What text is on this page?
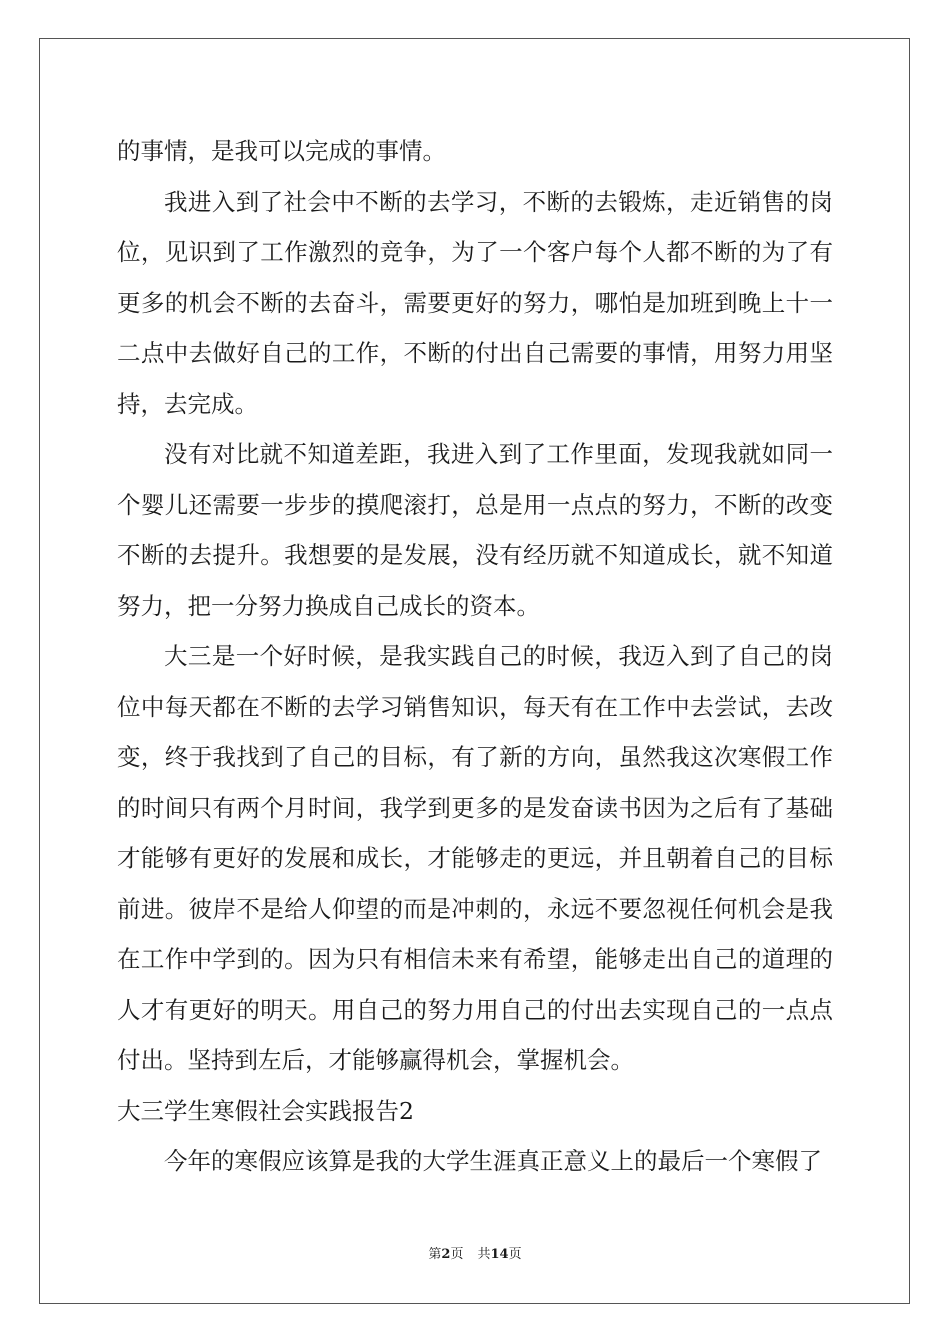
的事情，是我可以完成的事情。

我进入到了社会中不断的去学习，不断的去锻炼，走近销售的岗位，见识到了工作激烈的竞争，为了一个客户每个人都不断的为了有更多的机会不断的去奋斗，需要更好的努力，哪怕是加班到晚上十一二点中去做好自己的工作，不断的付出自己需要的事情，用努力用坚持，去完成。

没有对比就不知道差距，我进入到了工作里面，发现我就如同一个婴儿还需要一步步的摸爬滚打，总是用一点点的努力，不断的改变不断的去提升。我想要的是发展，没有经历就不知道成长，就不知道努力，把一分努力换成自己成长的资本。

大三是一个好时候，是我实践自己的时候，我迈入到了自己的岗位中每天都在不断的去学习销售知识，每天有在工作中去尝试，去改变，终于我找到了自己的目标，有了新的方向，虽然我这次寒假工作的时间只有两个月时间，我学到更多的是发奋读书因为之后有了基础才能够有更好的发展和成长，才能够走的更远，并且朝着自己的目标前进。彼岸不是给人仰望的而是冲刺的，永远不要忽视任何机会是我在工作中学到的。因为只有相信未来有希望，能够走出自己的道理的人才有更好的明天。用自己的努力用自己的付出去实现自己的一点点付出。坚持到左后，才能够赢得机会，掌握机会。

大三学生寒假社会实践报告2

今年的寒假应该算是我的大学生涯真正意义上的最后一个寒假了

第2页 共14页
